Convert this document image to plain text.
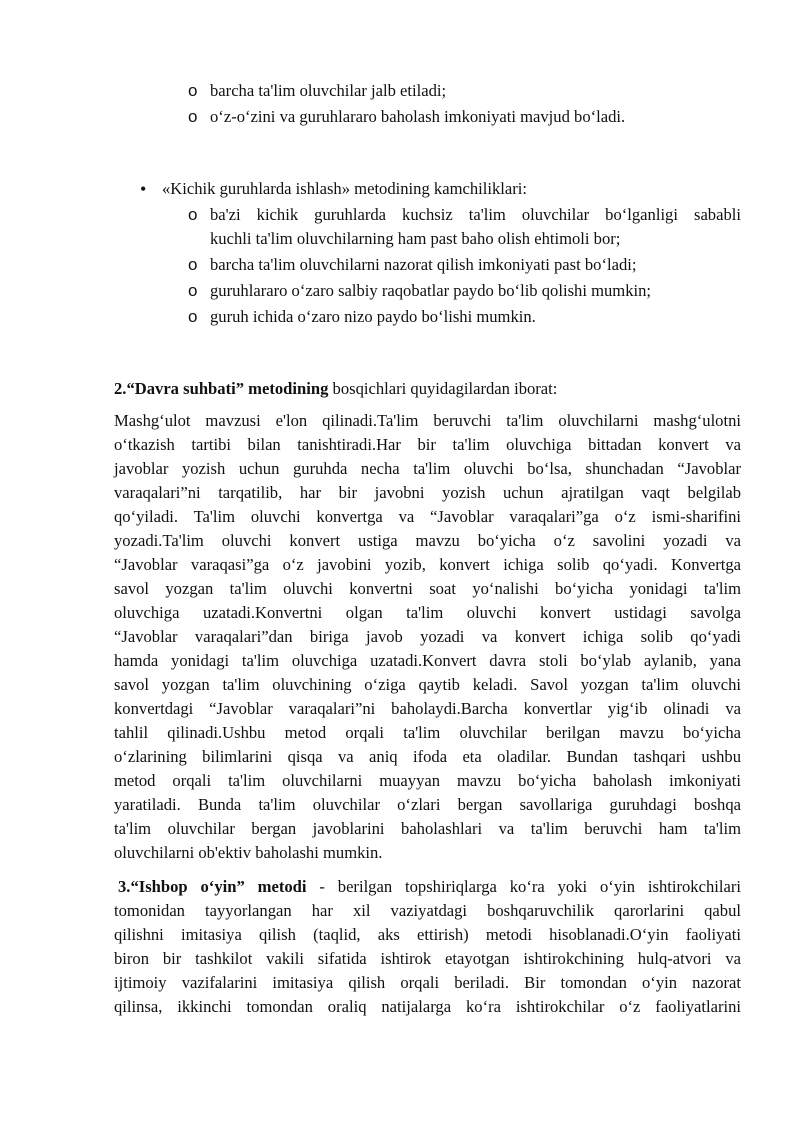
o barcha ta'lim oluvchilar jalb etiladi;
o o‘z-o‘zini va guruhlararo baholash imkoniyati mavjud bo‘ladi.
• «Kichik guruhlarda ishlash» metodining kamchiliklari:
o ba'zi kichik guruhlarda kuchsiz ta'lim oluvchilar bo‘lganligi sababli
kuchli ta'lim oluvchilarning ham past baho olish ehtimoli bor;
o barcha ta'lim oluvchilarni nazorat qilish imkoniyati past bo‘ladi;
o guruhlararo o‘zaro salbiy raqobatlar paydo bo‘lib qolishi mumkin;
o guruh ichida o‘zaro nizo paydo bo‘lishi mumkin.
2.“Davra suhbati” metodining bosqichlari quyidagilardan iborat:
Mashg‘ulot mavzusi e'lon qilinadi.Ta'lim beruvchi ta'lim oluvchilarni mashg‘ulotni
o‘tkazish tartibi bilan tanishtiradi.Har bir ta'lim oluvchiga bittadan konvert va
javoblar yozish uchun guruhda necha ta'lim oluvchi bo‘lsa, shunchadan “Javoblar
varaqalari”ni tarqatilib, har bir javobni yozish uchun ajratilgan vaqt belgilab
qo‘yiladi. Ta'lim oluvchi konvertga va “Javoblar varaqalari”ga o‘z ismi-sharifini
yozadi.Ta'lim oluvchi konvert ustiga mavzu bo‘yicha o‘z savolini yozadi va
“Javoblar varaqasi”ga o‘z javobini yozib, konvert ichiga solib qo‘yadi. Konvertga
savol yozgan ta'lim oluvchi konvertni soat yo‘nalishi bo‘yicha yonidagi ta'lim
oluvchiga uzatadi.Konvertni olgan ta'lim oluvchi konvert ustidagi savolga
“Javoblar varaqalari”dan biriga javob yozadi va konvert ichiga solib qo‘yadi
hamda yonidagi ta'lim oluvchiga uzatadi.Konvert davra stoli bo‘ylab aylanib, yana
savol yozgan ta'lim oluvchining o‘ziga qaytib keladi. Savol yozgan ta'lim oluvchi
konvertdagi “Javoblar varaqalari”ni baholaydi.Barcha konvertlar yig‘ib olinadi va
tahlil qilinadi.Ushbu metod orqali ta'lim oluvchilar berilgan mavzu bo‘yicha
o‘zlarining bilimlarini qisqa va aniq ifoda eta oladilar. Bundan tashqari ushbu
metod orqali ta'lim oluvchilarni muayyan mavzu bo‘yicha baholash imkoniyati
yaratiladi. Bunda ta'lim oluvchilar o‘zlari bergan savollariga guruhdagi boshqa
ta'lim oluvchilar bergan javoblarini baholashlari va ta'lim beruvchi ham ta'lim
oluvchilarni ob'ektiv baholashi mumkin.
3.“Ishbop o‘yin” metodi - berilgan topshiriqlarga ko‘ra yoki o‘yin ishtirokchilari
tomonidan tayyorlangan har xil vaziyatdagi boshqaruvchilik qarorlarini qabul
qilishni imitasiya qilish (taqlid, aks ettirish) metodi hisoblanadi.O‘yin faoliyati
biron bir tashkilot vakili sifatida ishtirok etayotgan ishtirokchining hulq-atvori va
ijtimoiy vazifalarini imitasiya qilish orqali beriladi. Bir tomondan o‘yin nazorat
qilinsa, ikkinchi tomondan oraliq natijalarga ko‘ra ishtirokchilar o‘z faoliyatlarini
